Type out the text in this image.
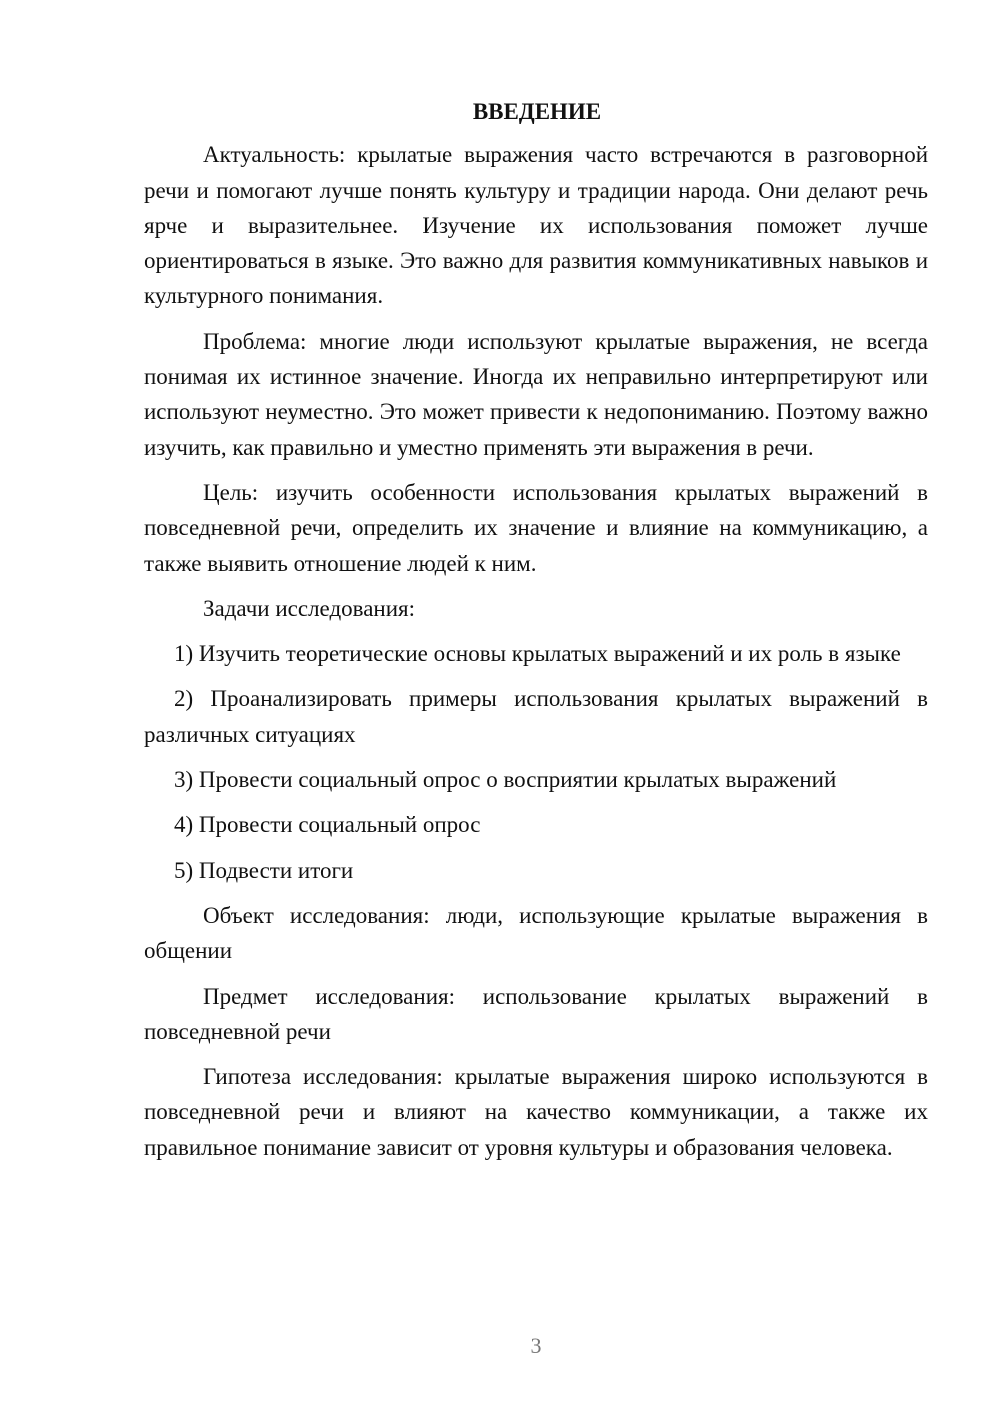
ВВЕДЕНИЕ

Актуальность: крылатые выражения часто встречаются в разговорной речи и помогают лучше понять культуру и традиции народа. Они делают речь ярче и выразительнее. Изучение их использования поможет лучше ориентироваться в языке. Это важно для развития коммуникативных навыков и культурного понимания.

Проблема: многие люди используют крылатые выражения, не всегда понимая их истинное значение. Иногда их неправильно интерпретируют или используют неуместно. Это может привести к недопониманию. Поэтому важно изучить, как правильно и уместно применять эти выражения в речи.

Цель: изучить особенности использования крылатых выражений в повседневной речи, определить их значение и влияние на коммуникацию, а также выявить отношение людей к ним.

Задачи исследования:

1) Изучить теоретические основы крылатых выражений и их роль в языке

2) Проанализировать примеры использования крылатых выражений в различных ситуациях

3) Провести социальный опрос о восприятии крылатых выражений

4) Провести социальный опрос

5) Подвести итоги

Объект исследования: люди, использующие крылатые выражения в общении

Предмет исследования: использование крылатых выражений в повседневной речи

Гипотеза исследования: крылатые выражения широко используются в повседневной речи и влияют на качество коммуникации, а также их правильное понимание зависит от уровня культуры и образования человека.

3
